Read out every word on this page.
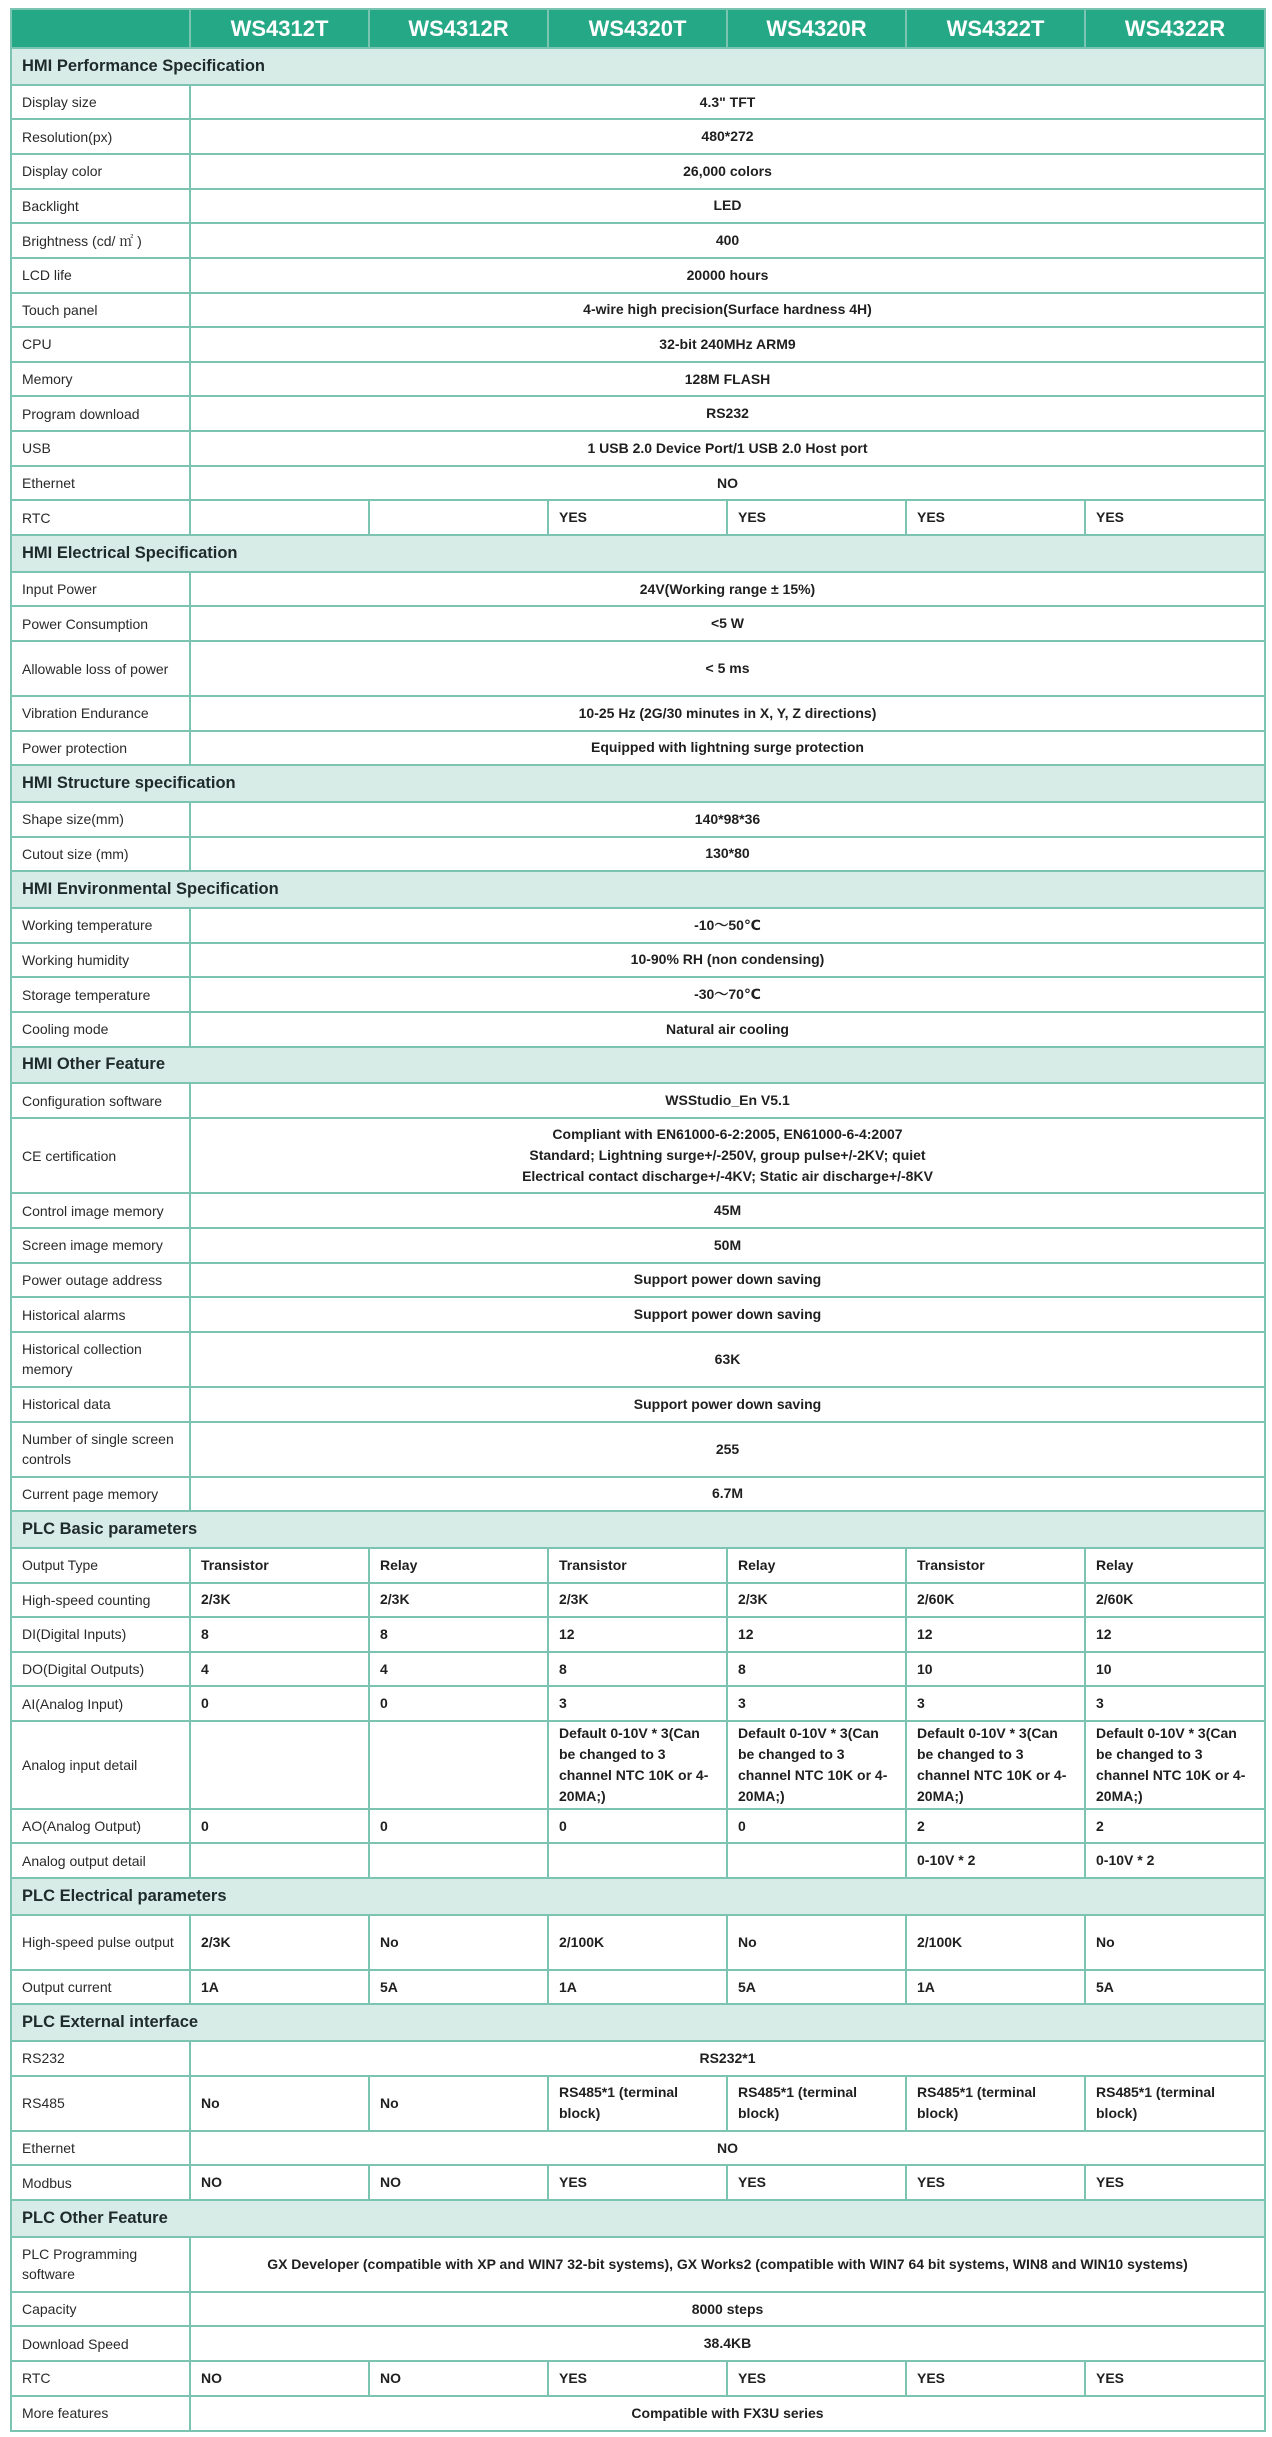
	WS4312T	WS4312R	WS4320T	WS4320R	WS4322T	WS4322R
HMI Performance Specification						
Display size	4.3" TFT					
Resolution(px)	480*272					
Display color	26,000 colors					
Backlight	LED					
Brightness (cd/ ㎡ )	400					
LCD life	20000 hours					
Touch panel	4-wire high precision(Surface hardness 4H)					
CPU	32-bit 240MHz ARM9					
Memory	128M FLASH					
Program download	RS232					
USB	1 USB 2.0 Device Port/1 USB 2.0 Host port					
Ethernet	NO					
RTC			YES	YES	YES	YES
HMI Electrical Specification						
Input Power	24V(Working range ± 15%)					
Power Consumption	<5 W					
Allowable loss of power	< 5 ms					
Vibration Endurance	10-25 Hz (2G/30 minutes in X, Y, Z directions)					
Power protection	Equipped with lightning surge protection					
HMI Structure specification						
Shape size(mm)	140*98*36					
Cutout size (mm)	130*80					
HMI Environmental Specification						
Working temperature	-10～50℃					
Working humidity	10-90% RH (non condensing)					
Storage temperature	-30～70℃					
Cooling mode	Natural air cooling					
HMI Other Feature						
Configuration software	WSStudio_En V5.1					
CE certification	Compliant with EN61000-6-2:2005, EN61000-6-4:2007
Standard; Lightning surge+/-250V, group pulse+/-2KV; quiet
Electrical contact discharge+/-4KV; Static air discharge+/-8KV					
Control image memory	45M					
Screen image memory	50M					
Power outage address	Support power down saving					
Historical alarms	Support power down saving					
Historical collection memory	63K					
Historical data	Support power down saving					
Number of single screen controls	255					
Current page memory	6.7M					
PLC Basic parameters						
Output Type	Transistor	Relay	Transistor	Relay	Transistor	Relay
High-speed counting	2/3K	2/3K	2/3K	2/3K	2/60K	2/60K
DI(Digital Inputs)	8	8	12	12	12	12
DO(Digital Outputs)	4	4	8	8	10	10
AI(Analog Input)	0	0	3	3	3	3
Analog input detail			Default 0-10V * 3(Can be changed to 3 channel NTC 10K or 4-20MA;)	Default 0-10V * 3(Can be changed to 3 channel NTC 10K or 4-20MA;)	Default 0-10V * 3(Can be changed to 3 channel NTC 10K or 4-20MA;)	Default 0-10V * 3(Can be changed to 3 channel NTC 10K or 4-20MA;)
AO(Analog Output)	0	0	0	0	2	2
Analog output detail					0-10V * 2	0-10V * 2
PLC Electrical parameters						
High-speed pulse output	2/3K	No	2/100K	No	2/100K	No
Output current	1A	5A	1A	5A	1A	5A
PLC External interface						
RS232	RS232*1					
RS485	No	No	RS485*1 (terminal block)	RS485*1 (terminal block)	RS485*1 (terminal block)	RS485*1 (terminal block)
Ethernet	NO					
Modbus	NO	NO	YES	YES	YES	YES
PLC Other Feature						
PLC Programming software	GX Developer (compatible with XP and WIN7 32-bit systems), GX Works2 (compatible with WIN7 64 bit systems, WIN8 and WIN10 systems)					
Capacity	8000 steps					
Download Speed	38.4KB					
RTC	NO	NO	YES	YES	YES	YES
More features	Compatible with FX3U series					
